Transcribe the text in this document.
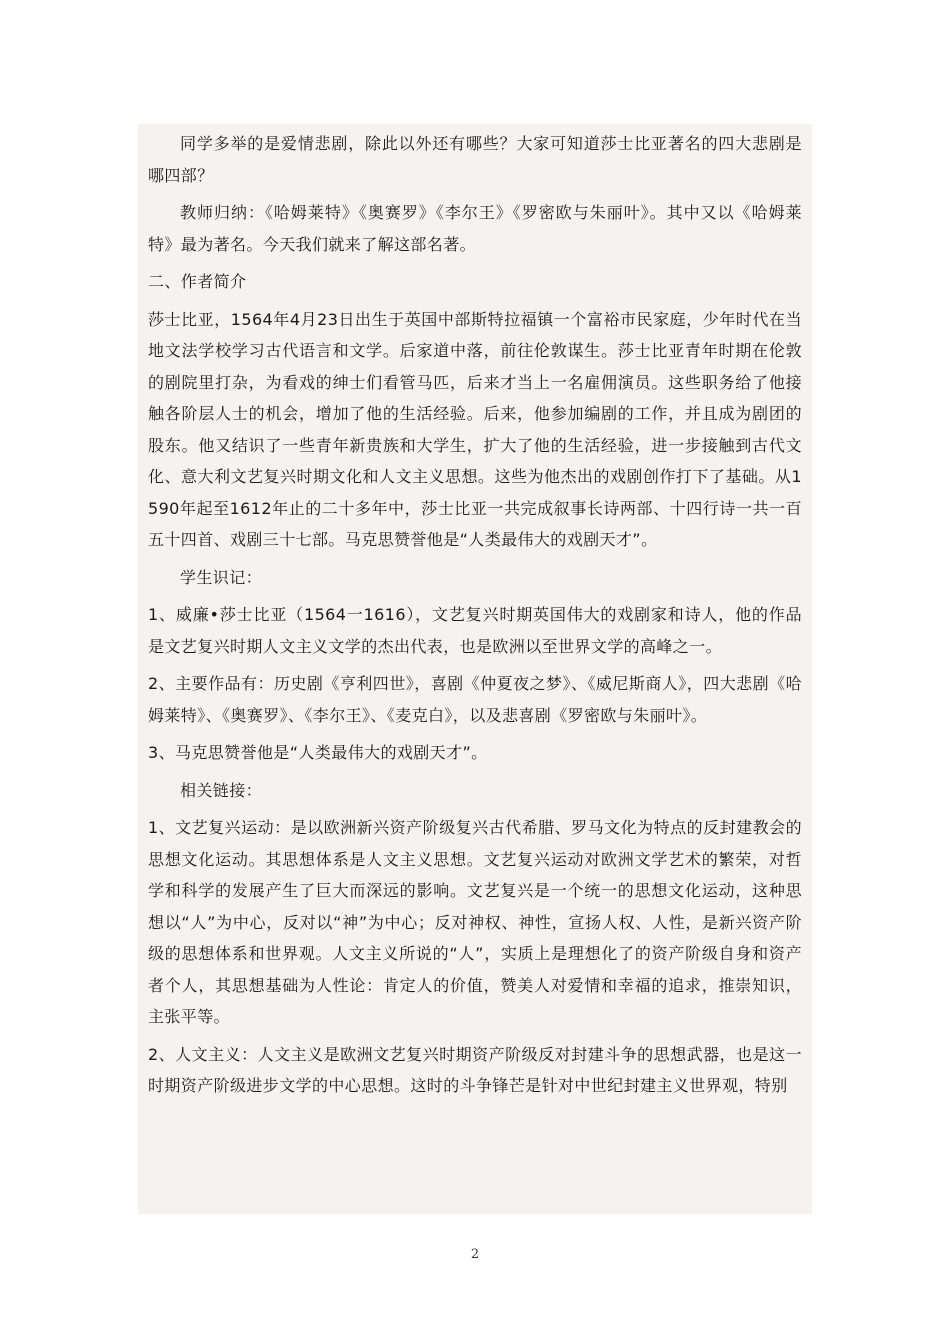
同学多举的是爱情悲剧，除此以外还有哪些？大家可知道莎士比亚著名的四大悲剧是哪四部？

教师归纳：《哈姆莱特》《奥赛罗》《李尔王》《罗密欧与朱丽叶》。其中又以《哈姆莱特》最为著名。今天我们就来了解这部名著。

二、作者简介

莎士比亚，1564年4月23日出生于英国中部斯特拉福镇一个富裕市民家庭，少年时代在当地文法学校学习古代语言和文学。后家道中落，前往伦敦谋生。莎士比亚青年时期在伦敦的剧院里打杂，为看戏的绅士们看管马匹，后来才当上一名雇佣演员。这些职务给了他接触各阶层人士的机会，增加了他的生活经验。后来，他参加编剧的工作，并且成为剧团的股东。他又结识了一些青年新贵族和大学生，扩大了他的生活经验，进一步接触到古代文化、意大利文艺复兴时期文化和人文主义思想。这些为他杰出的戏剧创作打下了基础。从1590年起至1612年止的二十多年中，莎士比亚一共完成叙事长诗两部、十四行诗一共一百五十四首、戏剧三十七部。马克思赞誉他是“人类最伟大的戏剧天才”。

学生识记：

1、威廉•莎士比亚（1564一1616），文艺复兴时期英国伟大的戏剧家和诗人，他的作品是文艺复兴时期人文主义文学的杰出代表，也是欧洲以至世界文学的高峰之一。

2、主要作品有：历史剧《亨利四世》，喜剧《仲夏夜之梦》、《威尼斯商人》，四大悲剧《哈姆莱特》、《奥赛罗》、《李尔王》、《麦克白》，以及悲喜剧《罗密欧与朱丽叶》。

3、马克思赞誉他是“人类最伟大的戏剧天才”。

相关链接：

1、文艺复兴运动：是以欧洲新兴资产阶级复兴古代希腊、罗马文化为特点的反封建教会的思想文化运动。其思想体系是人文主义思想。文艺复兴运动对欧洲文学艺术的繁荣，对哲学和科学的发展产生了巨大而深远的影响。文艺复兴是一个统一的思想文化运动，这种思想以“人”为中心，反对以“神”为中心；反对神权、神性，宣扬人权、人性，是新兴资产阶级的思想体系和世界观。人文主义所说的“人”，实质上是理想化了的资产阶级自身和资产者个人，其思想基础为人性论：肯定人的价值，赞美人对爱情和幸福的追求，推崇知识，主张平等。

2、人文主义：人文主义是欧洲文艺复兴时期资产阶级反对封建斗争的思想武器，也是这一时期资产阶级进步文学的中心思想。这时的斗争锋芒是针对中世纪封建主义世界观，特别

2
